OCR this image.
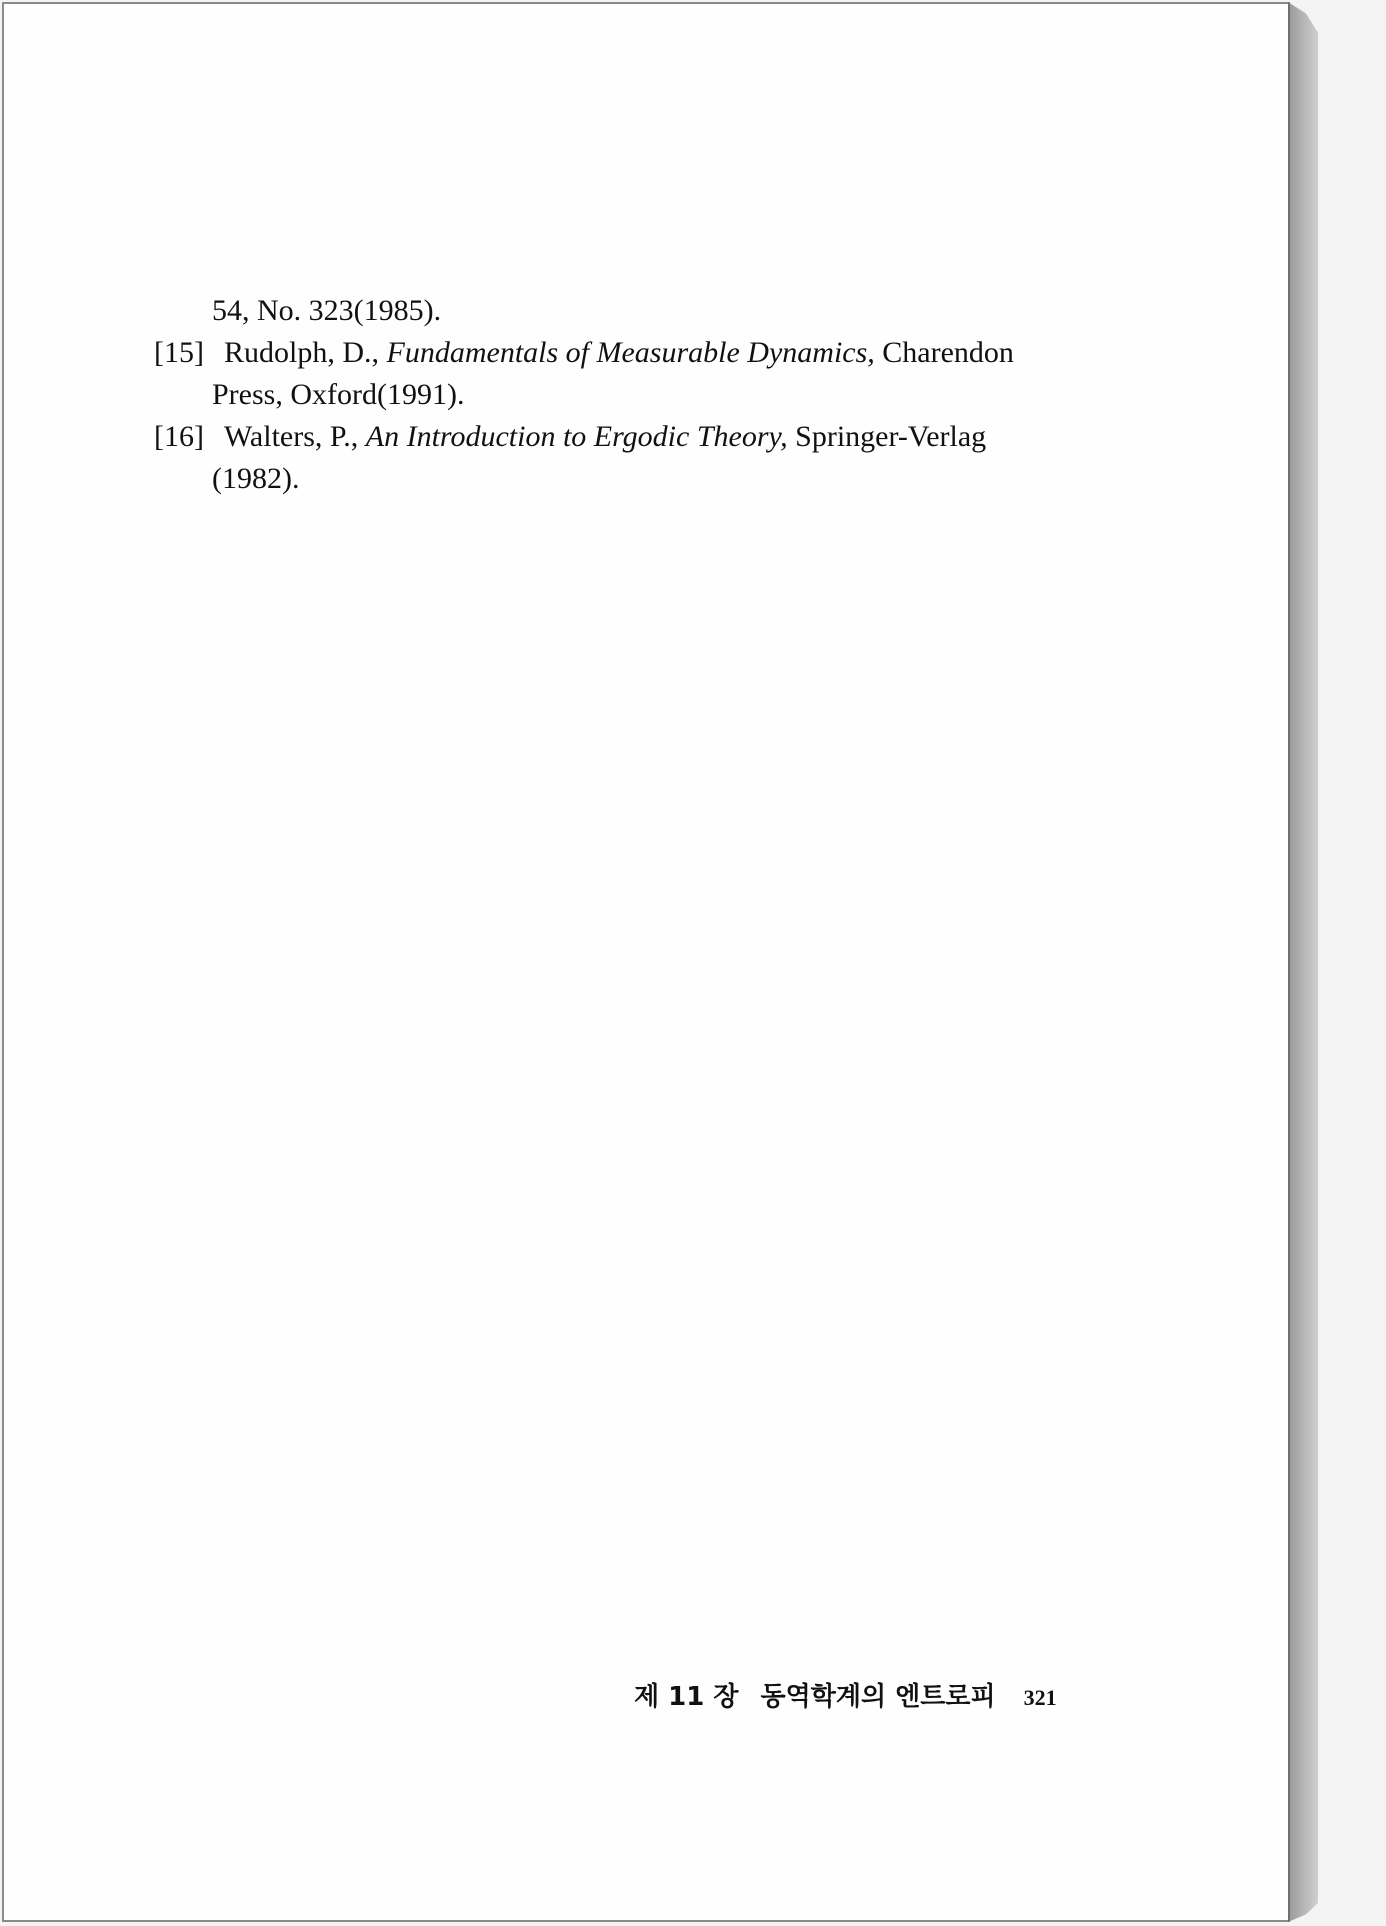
54, No. 323(1985).
[15] Rudolph, D., Fundamentals of Measurable Dynamics, Charendon
Press, Oxford(1991).
[16] Walters, P., An Introduction to Ergodic Theory, Springer-Verlag
(1982).
제 11 장 동역학계의 엔트로피 321
